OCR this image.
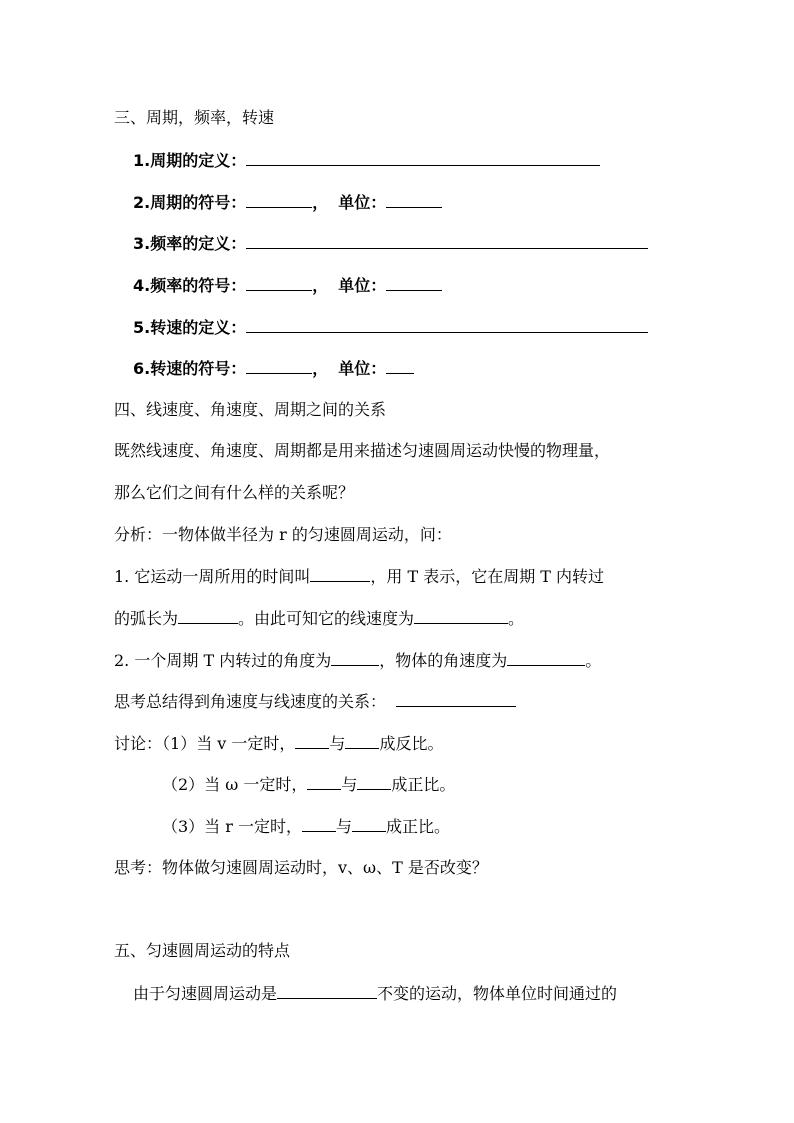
三、周期，频率，转速
1.周期的定义：
2.周期的符号：	， 单位：
3.频率的定义：
4.频率的符号：	， 单位：
5.转速的定义：
6.转速的符号：	， 单位：
四、线速度、角速度、周期之间的关系
既然线速度、角速度、周期都是用来描述匀速圆周运动快慢的物理量，
那么它们之间有什么样的关系呢？
分析：一物体做半径为 r 的匀速圆周运动，问：
1. 它运动一周所用的时间叫	，用 T 表示，它在周期 T 内转过
的弧长为	。由此可知它的线速度为	。
2. 一个周期 T 内转过的角度为	，物体的角速度为	。
思考总结得到角速度与线速度的关系：
讨论：（1）当 v 一定时， 与 成反比。
（2）当 ω 一定时， 与 成正比。
（3）当 r 一定时， 与 成正比。
思考：物体做匀速圆周运动时，v、ω、T 是否改变？
五、匀速圆周运动的特点
由于匀速圆周运动是	不变的运动，物体单位时间通过的
